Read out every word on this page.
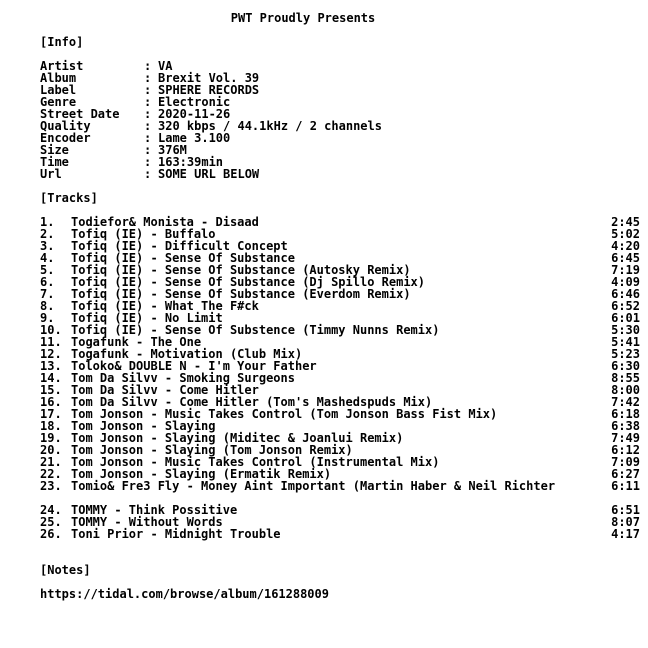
PWT Proudly Presents
[Info]
Artist	: VA
Album	: Brexit Vol. 39
Label	: SPHERE RECORDS
Genre	: Electronic
Street Date : 2020-11-26
Quality	: 320 kbps / 44.1kHz / 2 channels
Encoder	: Lame 3.100
Size	: 376M
Time	: 163:39min
Url	: SOME URL BELOW
[Tracks]
1. Todiefor& Monista - Disaad	2:45
2. Tofiq (IE) - Buffalo	5:02
3. Tofiq (IE) - Difficult Concept	4:20
4. Tofiq (IE) - Sense Of Substance	6:45
5. Tofiq (IE) - Sense Of Substance (Autosky Remix)	7:19
6. Tofiq (IE) - Sense Of Substance (Dj Spillo Remix)	4:09
7. Tofiq (IE) - Sense Of Substance (Everdom Remix)	6:46
8. Tofiq (IE) - What The F#ck	6:52
9. Tofiq (IE) - No Limit	6:01
10. Tofiq (IE) - Sense Of Substence (Timmy Nunns Remix)	5:30
11. Togafunk - The One	5:41
12. Togafunk - Motivation (Club Mix)	5:23
13. Toloko& DOUBLE N - I'm Your Father	6:30
14. Tom Da Silvv - Smoking Surgeons	8:55
15. Tom Da Silvv - Come Hitler	8:00
16. Tom Da Silvv - Come Hitler (Tom's Mashedspuds Mix)	7:42
17. Tom Jonson - Music Takes Control (Tom Jonson Bass Fist Mix)	6:18
18. Tom Jonson - Slaying	6:38
19. Tom Jonson - Slaying (Miditec & Joanlui Remix)	7:49
20. Tom Jonson - Slaying (Tom Jonson Remix)	6:12
21. Tom Jonson - Music Takes Control (Instrumental Mix)	7:09
22. Tom Jonson - Slaying (Ermatik Remix)	6:27
23. Tomio& Fre3 Fly - Money Aint Important (Martin Haber & Neil Richter	6:11
24. TOMMY - Think Possitive	6:51
25. TOMMY - Without Words	8:07
26. Toni Prior - Midnight Trouble	4:17
[Notes]
https://tidal.com/browse/album/161288009
